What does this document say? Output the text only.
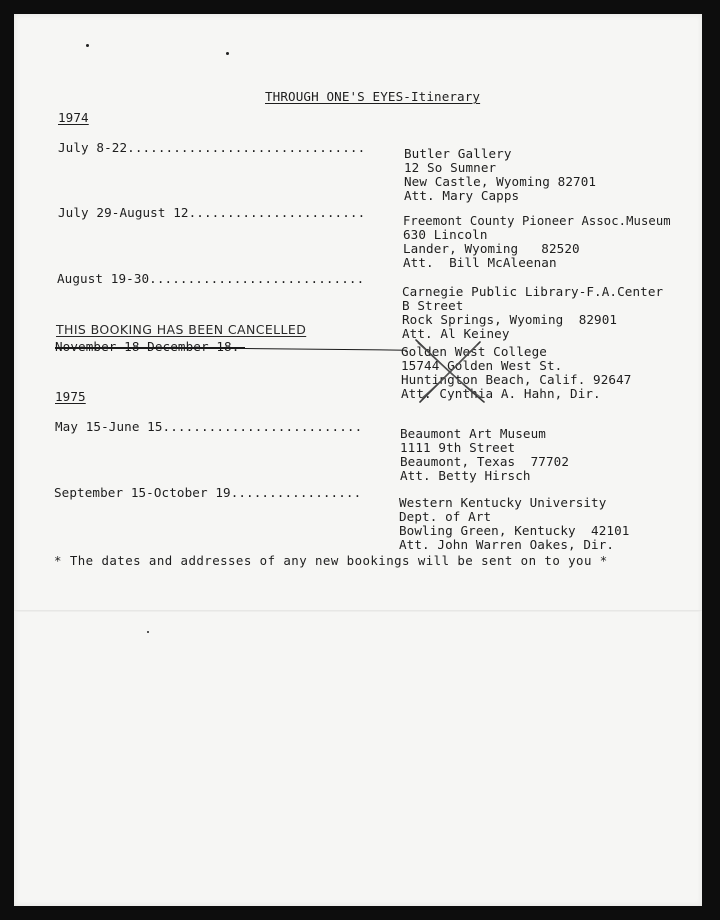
THROUGH ONE'S EYES-Itinerary
1974
July 8-22...............................	Butler Gallery
12 So Sumner
New Castle, Wyoming 82701
Att. Mary Capps
July 29-August 12.......................
Freemont County Pioneer Assoc.Museum
630 Lincoln
Lander, Wyoming   82520
Att.  Bill McAleenan
August 19-30............................
Carnegie Public Library-F.A.Center
B Street
Rock Springs, Wyoming  82901
Att. Al Keiney
THIS BOOKING HAS BEEN CANCELLED
Golden West College
15744 Golden West St.
Huntington Beach, Calif. 92647
Att. Cynthia A. Hahn, Dir.
1975
May 15-June 15..........................	Beaumont Art Museum
1111 9th Street
Beaumont, Texas  77702
Att. Betty Hirsch
September 15-October 19.................
Western Kentucky University
Dept. of Art
Bowling Green, Kentucky  42101
Att. John Warren Oakes, Dir.
* The dates and addresses of any new bookings will be sent on to you *
